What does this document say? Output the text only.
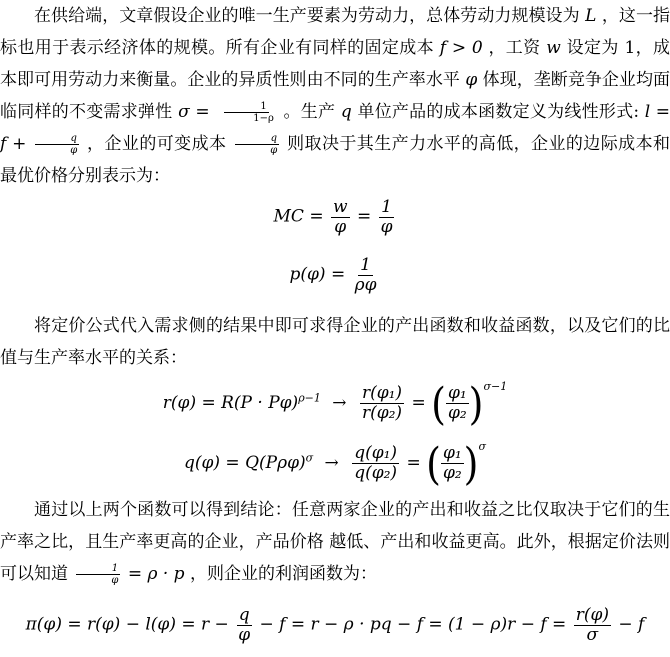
在供给端，文章假设企业的唯一生产要素为劳动力，总体劳动力规模设为 L ，这一指标也用于表示经济体的规模。所有企业有同样的固定成本 f > 0 ，工资 w 设定为 1，成本即可用劳动力来衡量。企业的异质性则由不同的生产率水平 φ 体现，垄断竞争企业均面临同样的不变需求弹性 $\sigma = \frac{1}{1-\rho}$ 。生产 q 单位产品的成本函数定义为线性形式: $l = f + \frac{q}{\varphi}$ ，企业的可变成本 $\frac{q}{\varphi}$ 则取决于其生产力水平的高低，企业的边际成本和最优价格分别表示为：
MC = $\frac{w}{\varphi} = \frac{1}{\varphi}$
$p(\varphi) = \frac{1}{\rho\varphi}$
将定价公式代入需求侧的结果中即可求得企业的产出函数和收益函数，以及它们的比值与生产率水平的关系：
$r(\varphi) = R(P \cdot P\varphi)^{\rho-1} \to \frac{\text{r(φ₁)}}{\text{r(φ₂)}}$ = ( $\frac{\text{φ₁}}{\text{φ₂}} )^{\sigma-1}$
$q(\varphi) = Q(P\rho\varphi)^\sigma \to \frac{\text{q(φ₁)}}{\text{q(φ₂)}}$ = ( $\frac{\text{φ₁}}{\text{φ₂}} )^\sigma$
通过以上两个函数可以得到结论：任意两家企业的产出和收益之比仅取决于它们的生产率之比，且生产率更高的企业，产品价格 越低、产出和收益更高。此外，根据定价法则可以知道 $\frac{1}{\varphi} = \rho \cdot p$ ，则企业的利润函数为：
$\pi(\varphi) = r(\varphi) - l(\varphi) = r - \frac{q}{\varphi} - f = r - \rho$ · pq − $f = (1 - \rho)r - f = \frac{r(\varphi)}{\sigma} - f$
